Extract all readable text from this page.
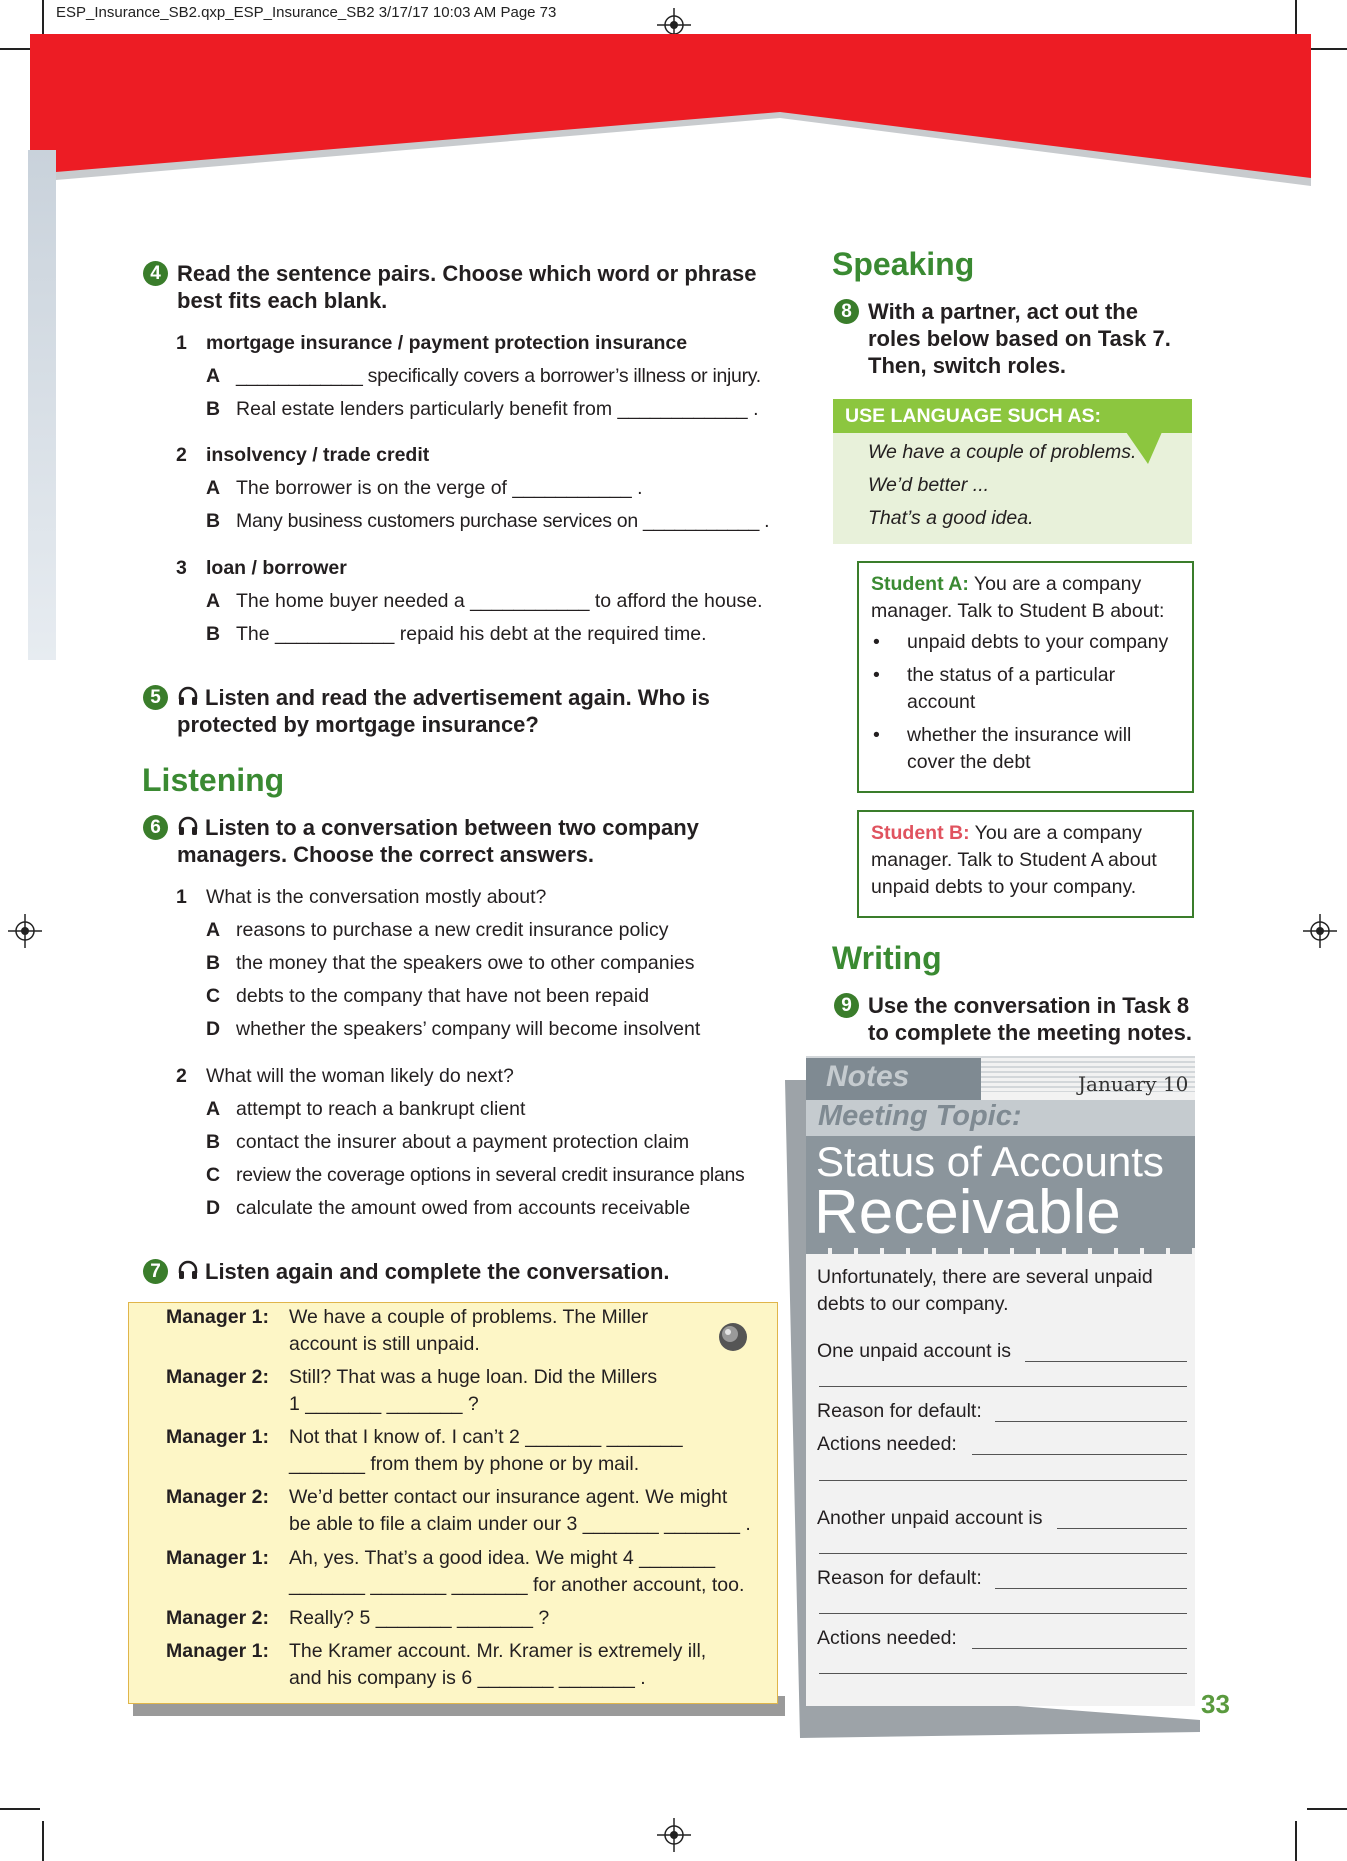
ESP_Insurance_SB2.qxp_ESP_Insurance_SB2 3/17/17 10:03 AM Page 73
4 Read the sentence pairs. Choose which word or phrase
best fits each blank.
1 mortgage insurance / payment protection insurance
A ____________ specifically covers a borrower’s illness or injury.
B Real estate lenders particularly benefit from ____________ .
2 insolvency / trade credit
A The borrower is on the verge of ___________ .
B Many business customers purchase services on ___________ .
3 loan / borrower
A The home buyer needed a ___________ to afford the house.
B The ___________ repaid his debt at the required time.
5	Listen and read the advertisement again. Who is
protected by mortgage insurance?
Listening
6	Listen to a conversation between two company
managers. Choose the correct answers.
1 What is the conversation mostly about?
A reasons to purchase a new credit insurance policy
B the money that the speakers owe to other companies
C debts to the company that have not been repaid
D whether the speakers’ company will become insolvent
2 What will the woman likely do next?
A attempt to reach a bankrupt client
B contact the insurer about a payment protection claim
C review the coverage options in several credit insurance plans
D calculate the amount owed from accounts receivable
7	Listen again and complete the conversation.
Manager 1:	We have a couple of problems. The Miller
account is still unpaid.
Manager 2:	Still? That was a huge loan. Did the Millers
1 _______ _______ ?
Manager 1:	Not that I know of. I can’t 2 _______ _______
_______ from them by phone or by mail.
Manager 2:	We’d better contact our insurance agent. We might
be able to file a claim under our 3 _______ _______ .
Manager 1:	Ah, yes. That’s a good idea. We might 4 _______
_______ _______ _______ for another account, too.
Manager 2:	Really? 5 _______ _______ ?
Manager 1:	The Kramer account. Mr. Kramer is extremely ill,
and his company is 6 _______ _______ .
Speaking
8 With a partner, act out the
roles below based on Task 7.
Then, switch roles.
USE LANGUAGE SUCH AS:
We have a couple of problems.
We’d better ...
That’s a good idea.
Student A: You are a company
manager. Talk to Student B about:
• unpaid debts to your company
• the status of a particular
account
• whether the insurance will
cover the debt
Student B: You are a company
manager. Talk to Student A about
unpaid debts to your company.
Writing
9 Use the conversation in Task 8
to complete the meeting notes.
Notes	January 10
Meeting Topic:
Status of Accounts
Receivable
Unfortunately, there are several unpaid
debts to our company.
One unpaid account is
Reason for default:
Actions needed:
Another unpaid account is
Reason for default:
Actions needed:
33
